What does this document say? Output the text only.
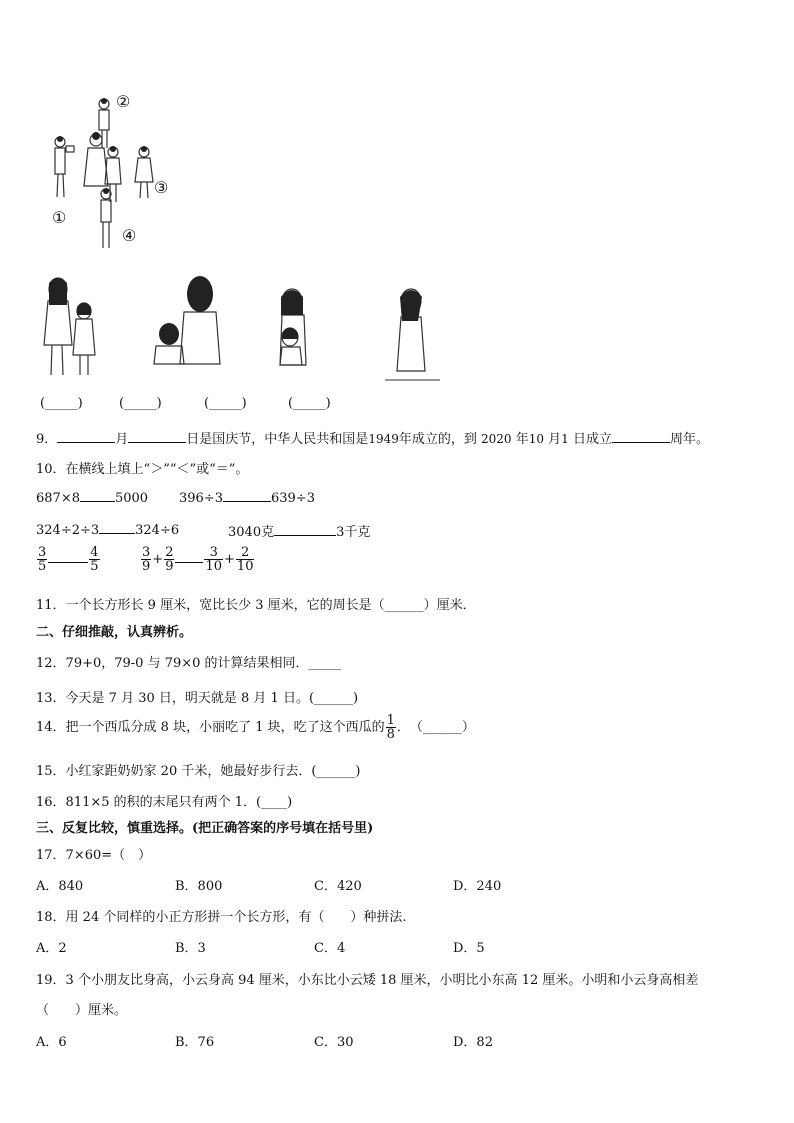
①
②
③
④
(_____)	(_____)	(_____)	(_____)
9．	月	日是国庆节，中华人民共和国是1949年成立的，到 2020 年10 月1 日成立	周年。
10．在横线上填上“＞”“＜”或“＝”。
687×8	5000 396÷3	639÷3
324÷2÷3	324÷6	3040克	3千克
$\frac{3}{5}$	$\frac{4}{5}$	$\frac{3}{9} + \frac{2}{9} \frac{3}{10} + \frac{2}{10}$
11．一个长方形长 9 厘米，宽比长少 3 厘米，它的周长是（______）厘米．
二、仔细推敲，认真辨析。
12．79+0，79-0 与 79×0 的计算结果相同．_____
13．今天是 7 月 30 日，明天就是 8 月 1 日。(______)
14．把一个西瓜分成 8 块，小丽吃了 1 块，吃了这个西瓜的 $\frac{1}{8}$ ．　（______）
15．小红家距奶奶家 20 千米，她最好步行去．(______)
16．811×5 的积的末尾只有两个 1．(____)
三、反复比较，慎重选择。(把正确答案的序号填在括号里)
17．7×60=（　）
A．840	B．800	C．420	D．240
18．用 24 个同样的小正方形拼一个长方形，有（　　）种拼法.
A．2	B．3	C．4	D．5
19．3 个小朋友比身高，小云身高 94 厘米，小东比小云矮 18 厘米，小明比小东高 12 厘米。小明和小云身高相差
（　　）厘米。
A．6	B．76	C．30	D．82
